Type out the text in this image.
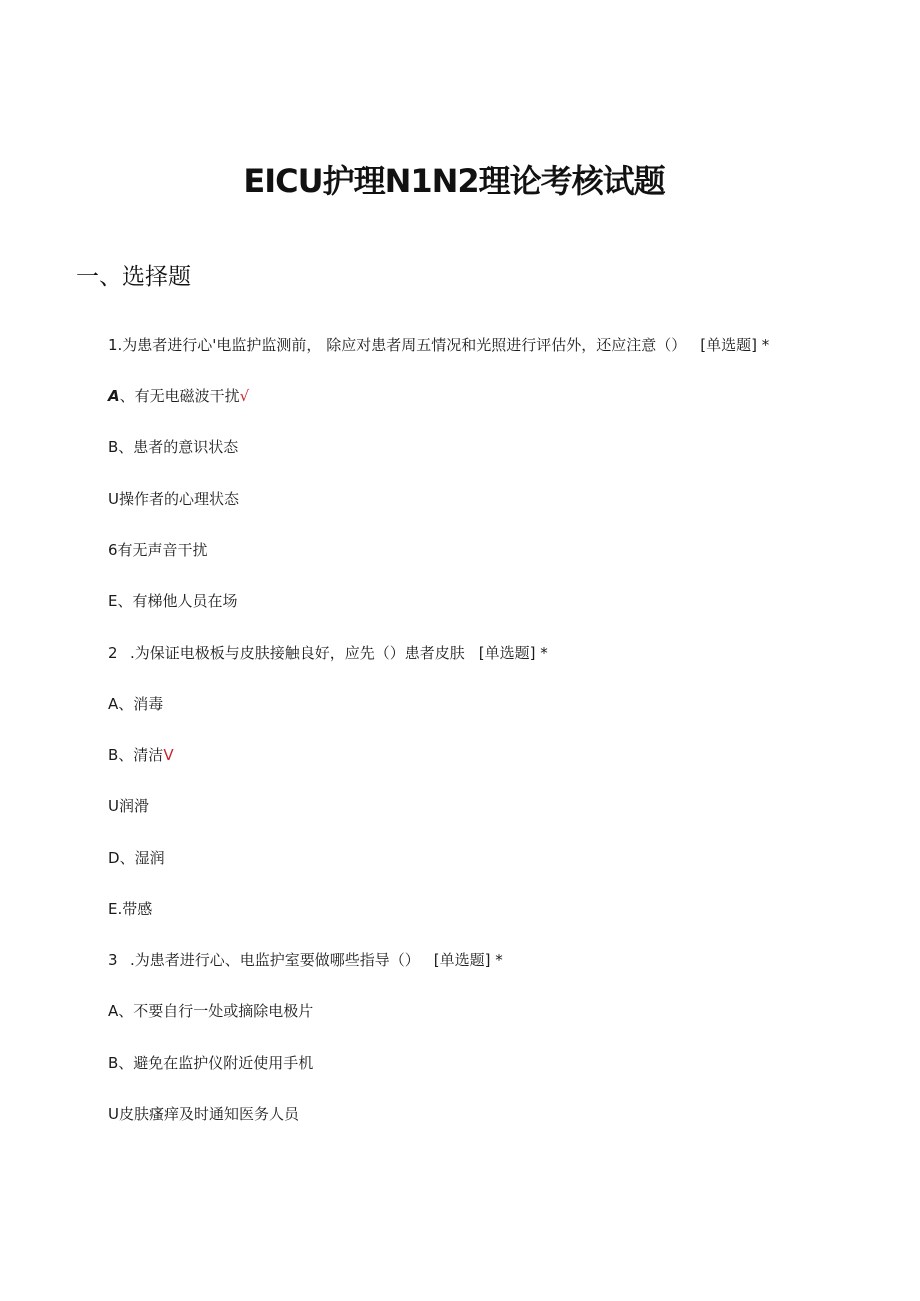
EICU护理N1N2理论考核试题
一、选择题
1.为患者进行心'电监护监测前， 除应对患者周五情况和光照进行评估外，还应注意（） [单选题] *
A、有无电磁波干扰√
B、患者的意识状态
U操作者的心理状态
6有无声音干扰
E、有梯他人员在场
2 .为保证电极板与皮肤接触良好，应先（）患者皮肤 [单选题] *
A、消毒
B、清洁V
U润滑
D、湿润
E.带感
3 .为患者进行心、电监护室要做哪些指导（） [单选题] *
A、不要自行一处或摘除电极片
B、避免在监护仪附近使用手机
U皮肤瘙痒及时通知医务人员
